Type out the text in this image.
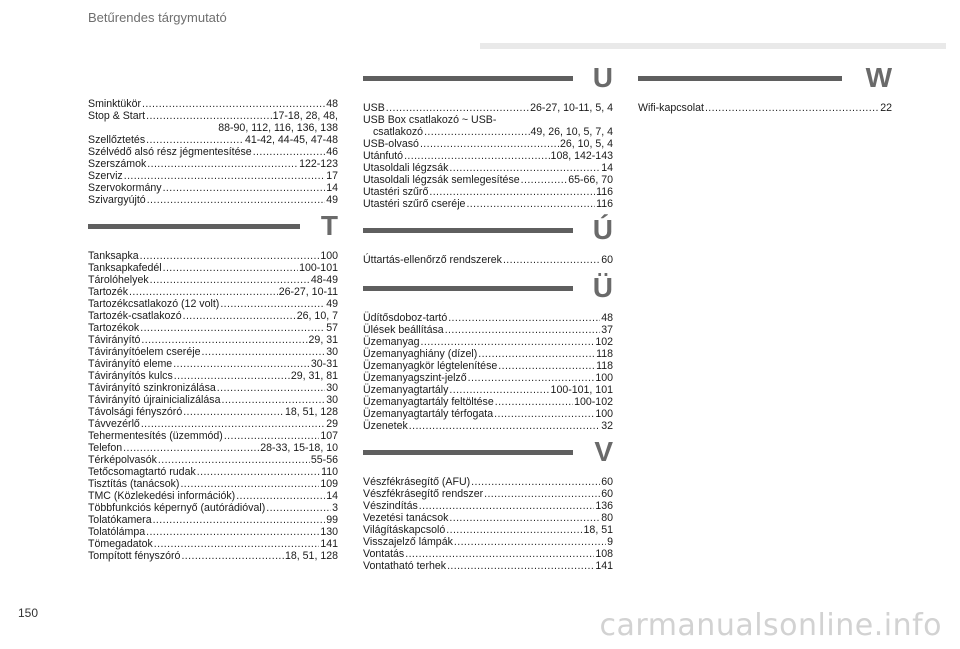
Betűrendes tárgymutató
Sminktükör .....	48
Stop & Start .....	17-18, 28, 48,
88-90, 112, 116, 136, 138
Szellőztetés .....	41-42, 44-45, 47-48
Szélvédő alsó rész jégmentesítése .....	46
Szerszámok .....	122-123
Szerviz .....	17
Szervokormány .....	14
Szivargyújtó .....	49
T
Tanksapka .....	100
Tanksapkafedél .....	100-101
Tárolóhelyek .....	48-49
Tartozék .....	26-27, 10-11
Tartozékcsatlakozó (12 volt) .....	49
Tartozék-csatlakozó .....	26, 10, 7
Tartozékok .....	57
Távirányító .....	29, 31
Távirányítóelem cseréje .....	30
Távirányító eleme .....	30-31
Távirányítós kulcs .....	29, 31, 81
Távirányító szinkronizálása .....	30
Távirányító újrainicializálása .....	30
Távolsági fényszóró .....	18, 51, 128
Távvezérlő .....	29
Tehermentesítés (üzemmód) .....	107
Telefon .....	28-33, 15-18, 10
Térképolvasók .....	55-56
Tetőcsomagtartó rudak .....	110
Tisztítás (tanácsok) .....	109
TMC (Közlekedési információk) .....	14
Többfunkciós képernyő (autórádióval) .....	3
Tolatókamera .....	99
Tolatólámpa .....	130
Tömegadatok .....	141
Tompított fényszóró .....	18, 51, 128
U
USB .....	26-27, 10-11, 5, 4
USB Box csatlakozó ~ USB-
csatlakozó .....	49, 26, 10, 5, 7, 4
USB-olvasó .....	26, 10, 5, 4
Utánfutó .....	108, 142-143
Utasoldali légzsák .....	14
Utasoldali légzsák semlegesítése .....	65-66, 70
Utastéri szűrő .....	116
Utastéri szűrő cseréje .....	116
Ú
Úttartás-ellenőrző rendszerek .....	60
Ü
Üdítősdoboz-tartó .....	48
Ülések beállítása .....	37
Üzemanyag .....	102
Üzemanyaghiány (dízel) .....	118
Üzemanyagkör légtelenítése .....	118
Üzemanyagszint-jelző .....	100
Üzemanyagtartály .....	100-101, 101
Üzemanyagtartály feltöltése .....	100-102
Üzemanyagtartály térfogata .....	100
Üzenetek .....	32
V
Vészfékrásegítő (AFU) .....	60
Vészfékrásegítő rendszer .....	60
Vészindítás .....	136
Vezetési tanácsok .....	80
Világításkapcsoló .....	18, 51
Visszajelző lámpák .....	9
Vontatás .....	108
Vontatható terhek .....	141
W
Wifi-kapcsolat .....	22
150	carmanualsonline.info
